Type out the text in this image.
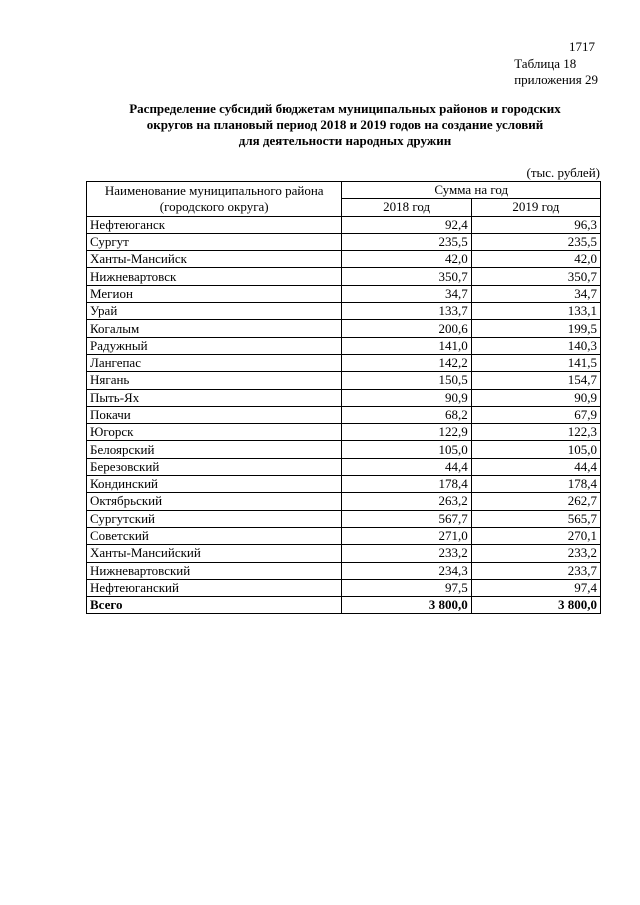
1717
Таблица 18
приложения 29
Распределение субсидий бюджетам муниципальных районов и городских
округов на плановый период 2018 и 2019 годов на создание условий
для деятельности народных дружин
(тыс. рублей)
Наименование муниципального района (городского округа)	Сумма на год	
	2018 год	2019 год
Нефтеюганск	92,4	96,3
Сургут	235,5	235,5
Ханты-Мансийск	42,0	42,0
Нижневартовск	350,7	350,7
Мегион	34,7	34,7
Урай	133,7	133,1
Когалым	200,6	199,5
Радужный	141,0	140,3
Лангепас	142,2	141,5
Нягань	150,5	154,7
Пыть-Ях	90,9	90,9
Покачи	68,2	67,9
Югорск	122,9	122,3
Белоярский	105,0	105,0
Березовский	44,4	44,4
Кондинский	178,4	178,4
Октябрьский	263,2	262,7
Сургутский	567,7	565,7
Советский	271,0	270,1
Ханты-Мансийский	233,2	233,2
Нижневартовский	234,3	233,7
Нефтеюганский	97,5	97,4
Всего	3 800,0	3 800,0
